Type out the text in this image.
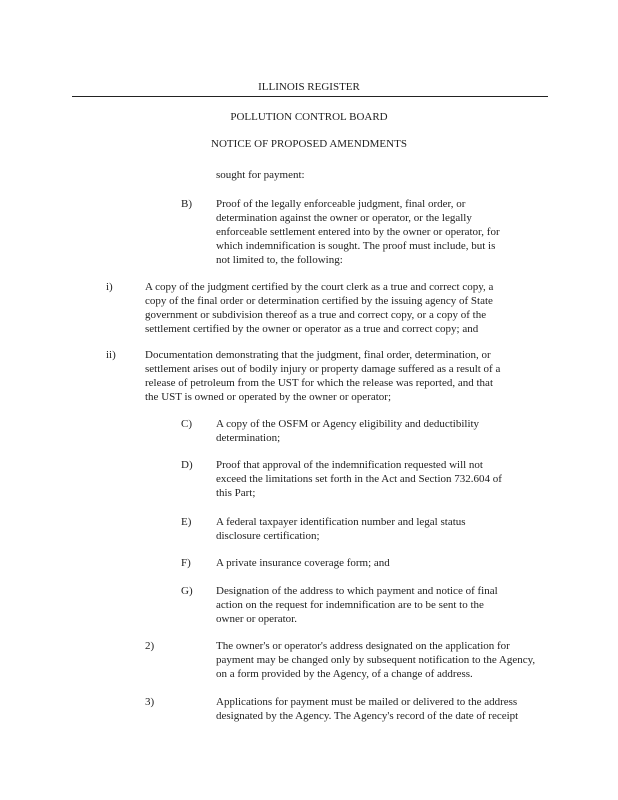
ILLINOIS REGISTER
POLLUTION CONTROL BOARD
NOTICE OF PROPOSED AMENDMENTS
sought for payment:
B) Proof of the legally enforceable judgment, final order, or
determination against the owner or operator, or the legally
enforceable settlement entered into by the owner or operator, for
which indemnification is sought. The proof must include, but is
not limited to, the following:
i)	A copy of the judgment certified by the court clerk as a true and correct copy, a
copy of the final order or determination certified by the issuing agency of State
government or subdivision thereof as a true and correct copy, or a copy of the
settlement certified by the owner or operator as a true and correct copy; and
ii)	Documentation demonstrating that the judgment, final order, determination, or
settlement arises out of bodily injury or property damage suffered as a result of a
release of petroleum from the UST for which the release was reported, and that
the UST is owned or operated by the owner or operator;
C) A copy of the OSFM or Agency eligibility and deductibility
determination;
D) Proof that approval of the indemnification requested will not
exceed the limitations set forth in the Act and Section 732.604 of
this Part;
E) A federal taxpayer identification number and legal status
disclosure certification;
F) A private insurance coverage form; and
G) Designation of the address to which payment and notice of final
action on the request for indemnification are to be sent to the
owner or operator.
2)	The owner's or operator's address designated on the application for
payment may be changed only by subsequent notification to the Agency,
on a form provided by the Agency, of a change of address.
3)	Applications for payment must be mailed or delivered to the address
designated by the Agency. The Agency's record of the date of receipt
